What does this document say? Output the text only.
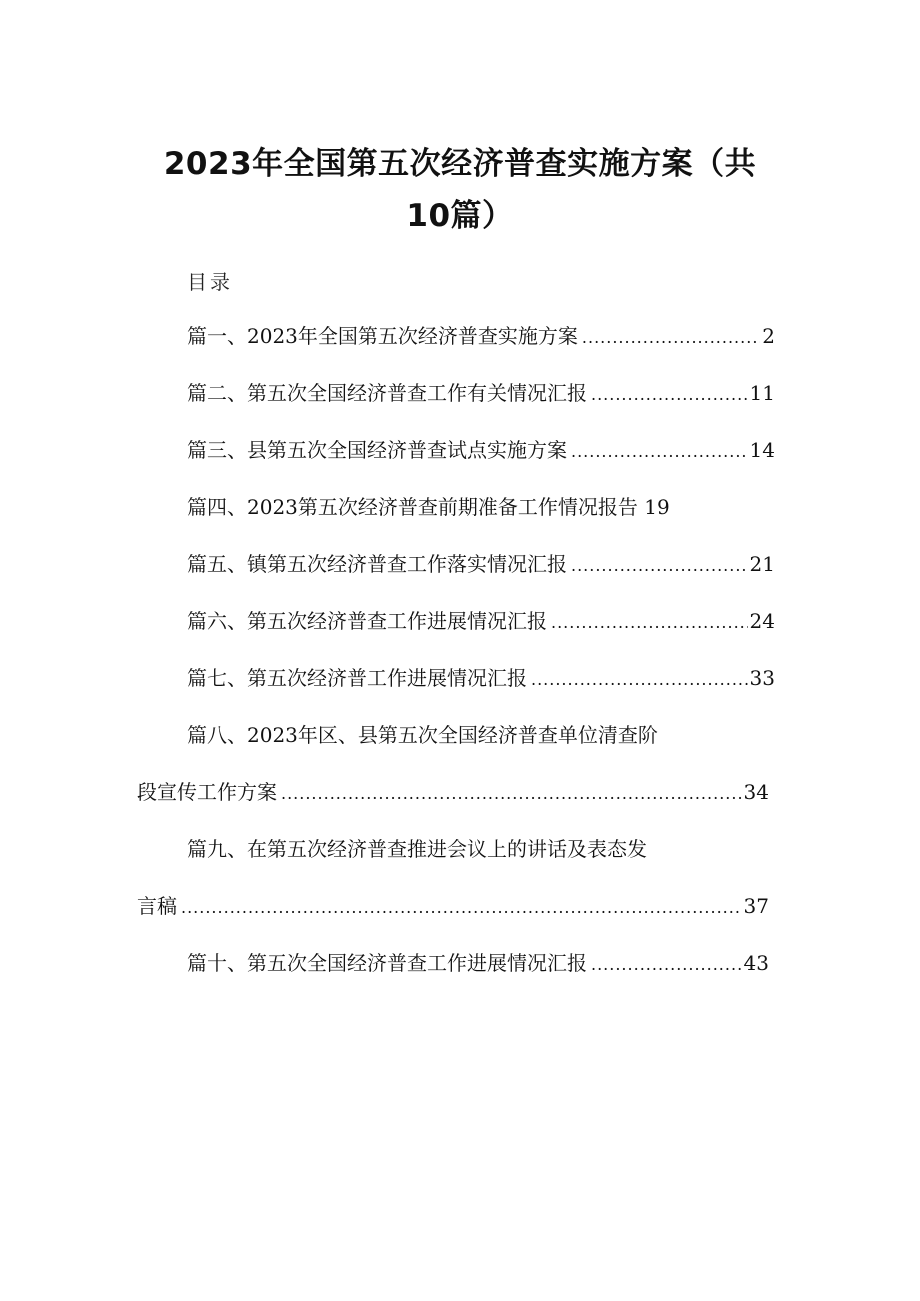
2023年全国第五次经济普查实施方案（共
10篇）
目录
篇一、2023年全国第五次经济普查实施方案 .....	2
篇二、第五次全国经济普查工作有关情况汇报 .....	11
篇三、县第五次全国经济普查试点实施方案 .....	14
篇四、2023第五次经济普查前期准备工作情况报告 19
篇五、镇第五次经济普查工作落实情况汇报 .....	21
篇六、第五次经济普查工作进展情况汇报 .....	24
篇七、第五次经济普工作进展情况汇报 .....	33
篇八、2023年区、县第五次全国经济普查单位清查阶
段宣传工作方案 .....	34
篇九、在第五次经济普查推进会议上的讲话及表态发
言稿 .....	37
篇十、第五次全国经济普查工作进展情况汇报 .....	43
